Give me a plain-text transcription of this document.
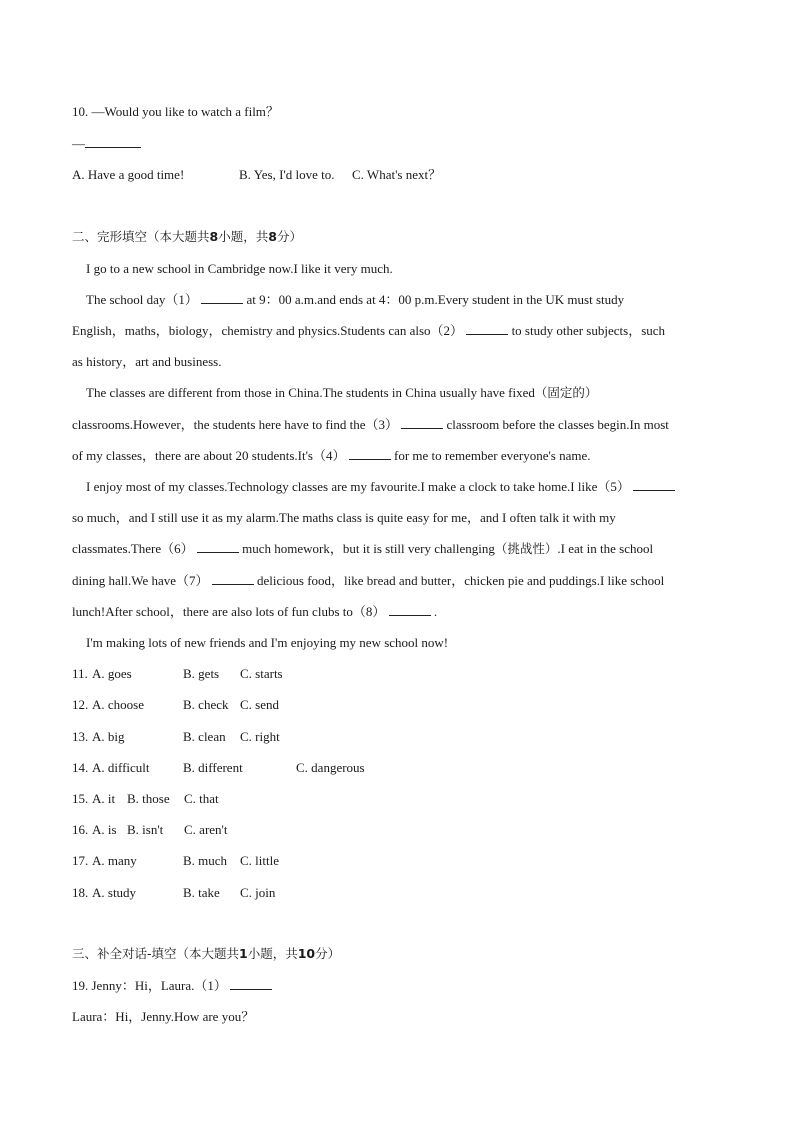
10. —Would you like to watch a film？
—
A. Have a good time!	B. Yes, I'd love to. C. What's next？
二、完形填空（本大题共8小题，共8分）
I go to a new school in Cambridge now.I like it very much.
The school day（1）	at 9：00 a.m.and ends at 4：00 p.m.Every student in the UK must study
English，maths，biology，chemistry and physics.Students can also（2）	to study other subjects，such
as history，art and business.
The classes are different from those in China.The students in China usually have fixed（固定的）
classrooms.However，the students here have to find the（3）	classroom before the classes begin.In most
of my classes，there are about 20 students.It's（4）	for me to remember everyone's name.
I enjoy most of my classes.Technology classes are my favourite.I make a clock to take home.I like（5）
so much，and I still use it as my alarm.The maths class is quite easy for me，and I often talk it with my
classmates.There（6）	much homework，but it is still very challenging（挑战性）.I eat in the school
dining hall.We have（7）	delicious food，like bread and butter，chicken pie and puddings.I like school
lunch!After school，there are also lots of fun clubs to（8）	.
I'm making lots of new friends and I'm enjoying my new school now!
11. A. goes	B. gets C. starts
12. A. choose	B. check C. send
13. A. big	B. clean C. right
14. A. difficult	B. different	C. dangerous
15. A. it B. those C. that
16. A. is B. isn't C. aren't
17. A. many	B. much C. little
18. A. study	B. take C. join
三、补全对话-填空（本大题共1小题，共10分）
19. Jenny：Hi，Laura.（1）
Laura：Hi，Jenny.How are you？
